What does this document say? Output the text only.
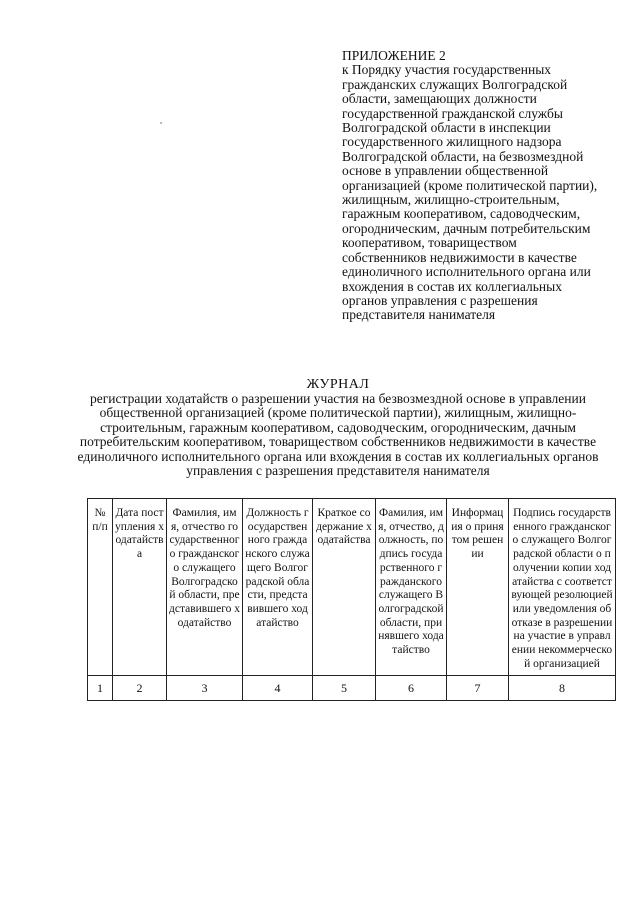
ПРИЛОЖЕНИЕ 2
к Порядку участия государственных гражданских служащих Волгоградской области, замещающих должности государственной гражданской службы Волгоградской области в инспекции государственного жилищного надзора Волгоградской области, на безвозмездной основе в управлении общественной организацией (кроме политической партии), жилищным, жилищно-строительным, гаражным кооперативом, садоводческим, огородническим, дачным потребительским кооперативом, товариществом собственников недвижимости в качестве единоличного исполнительного органа или вхождения в состав их коллегиальных органов управления с разрешения представителя нанимателя
ЖУРНАЛ
регистрации ходатайств о разрешении участия на безвозмездной основе в управлении общественной организацией (кроме политической партии), жилищным, жилищно-строительным, гаражным кооперативом, садоводческим, огородническим, дачным потребительским кооперативом, товариществом собственников недвижимости в качестве единоличного исполнительного органа или вхождения в состав их коллегиальных органов управления с разрешения представителя нанимателя
№ п/п	Дата поступления ходатайства	Фамилия, имя, отчество государственного гражданского служащего Волгоградской области, представившего ходатайство	Должность государственного гражданского служащего Волгоградской области, представившего ходатайство	Краткое содержание ходатайства	Фамилия, имя, отчество, должность, подпись государственного гражданского служащего Волгоградской области, принявшего ходатайство	Информация о принятом решении	Подпись государственного гражданского служащего Волгоградской области о получении копии ходатайства с соответствующей резолюцией или уведомления об отказе в разрешении на участие в управлении некоммерческой организацией
1	2	3	4	5	6	7	8
